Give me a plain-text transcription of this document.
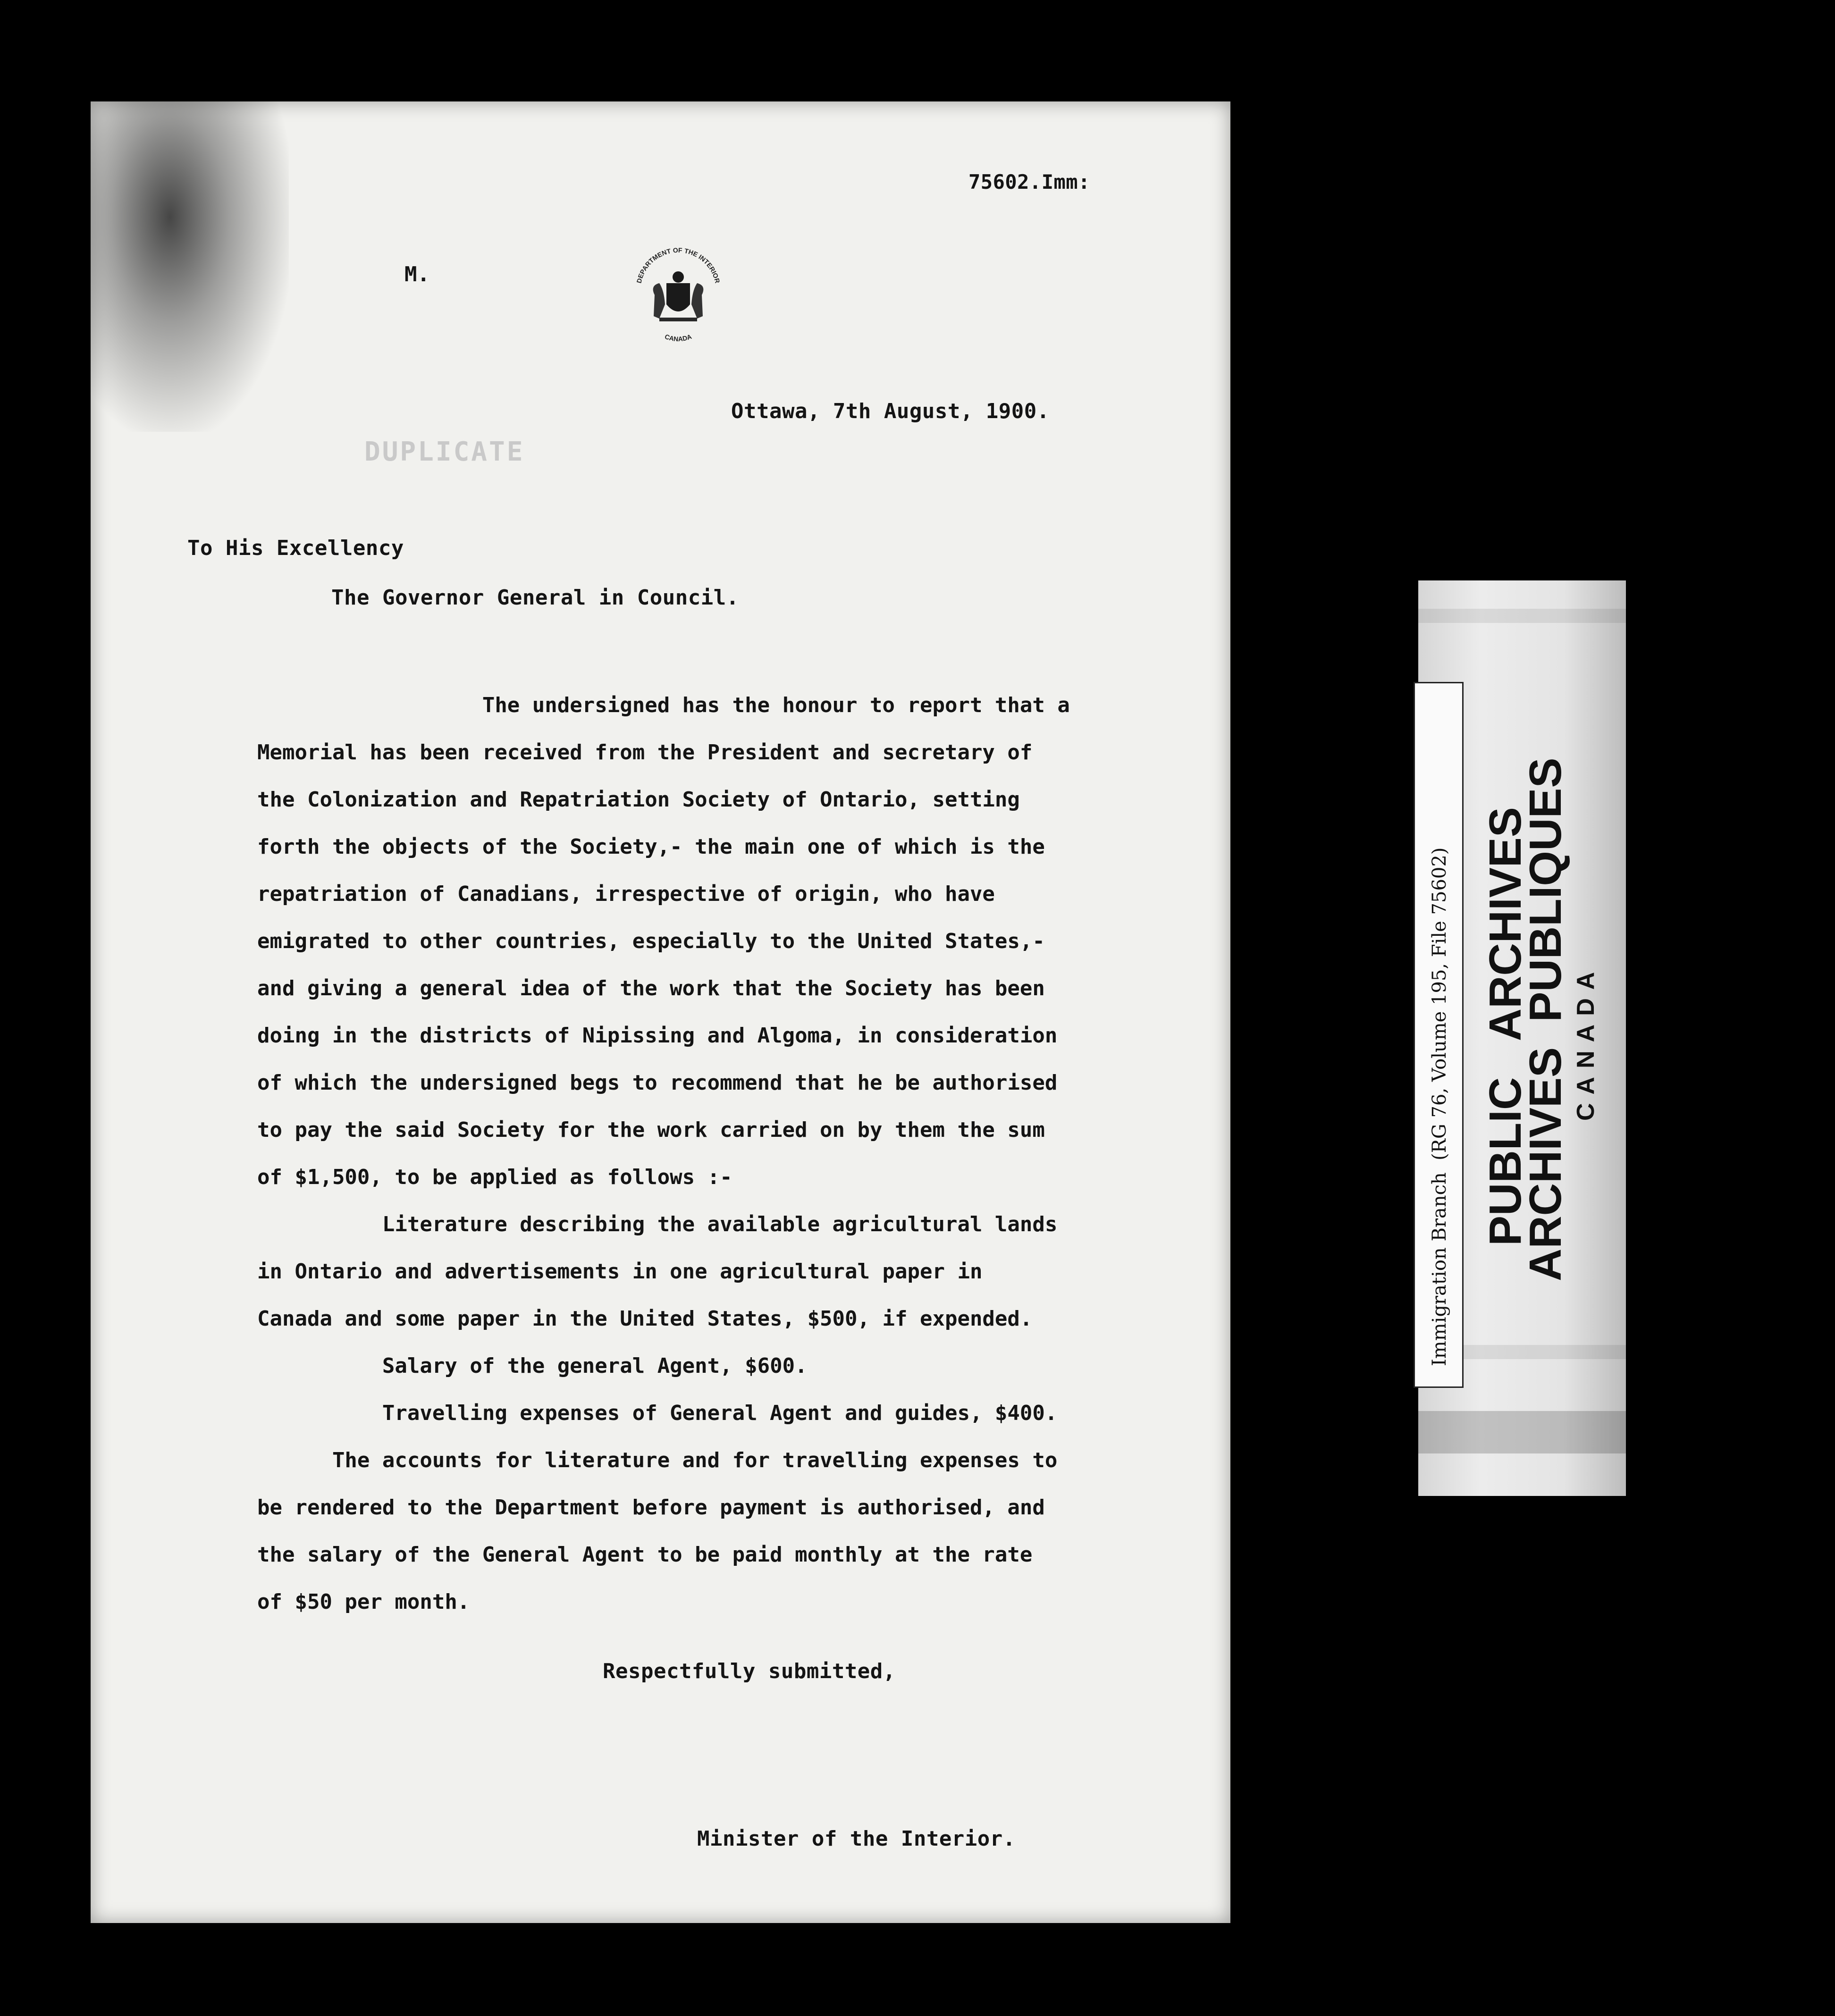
75602.Imm:
M.	DEPARTMENT OF THE INTERIOR
CANADA
Ottawa, 7th August, 1900.
DUPLICATE
To His Excellency
The Governor General in Council.
The undersigned has the honour to report that a
Memorial has been received from the President and secretary of
the Colonization and Repatriation Society of Ontario, setting
forth the objects of the Society,- the main one of which is the
repatriation of Canadians, irrespective of origin, who have
emigrated to other countries, especially to the United States,-
and giving a general idea of the work that the Society has been
doing in the districts of Nipissing and Algoma, in consideration
of which the undersigned begs to recommend that he be authorised
to pay the said Society for the work carried on by them the sum
of $1,500, to be applied as follows :-
Literature describing the available agricultural lands
in Ontario and advertisements in one agricultural paper in
Canada and some paper in the United States, $500, if expended.
Salary of the general Agent, $600.
Travelling expenses of General Agent and guides, $400.
The accounts for literature and for travelling expenses to
be rendered to the Department before payment is authorised, and
the salary of the General Agent to be paid monthly at the rate
of $50 per month.
Respectfully submitted,
Minister of the Interior.
Immigration Branch  (RG 76, Volume 195, File 75602) PUBLIC   ARCHIVES
ARCHIVES  PUBLIQUES CANADA
